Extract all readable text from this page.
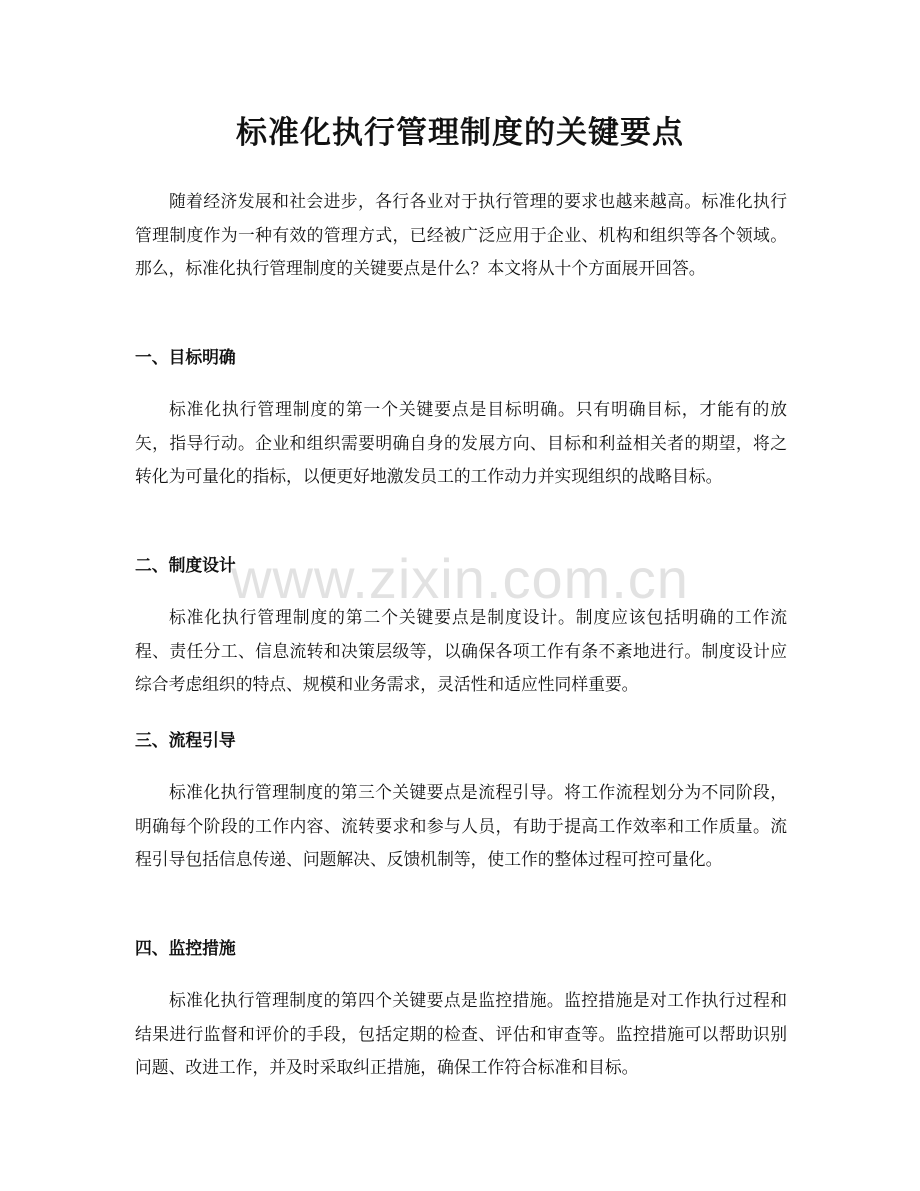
标准化执行管理制度的关键要点

随着经济发展和社会进步，各行各业对于执行管理的要求也越来越高。标准化执行管理制度作为一种有效的管理方式，已经被广泛应用于企业、机构和组织等各个领域。那么，标准化执行管理制度的关键要点是什么？本文将从十个方面展开回答。

一、目标明确

标准化执行管理制度的第一个关键要点是目标明确。只有明确目标，才能有的放矢，指导行动。企业和组织需要明确自身的发展方向、目标和利益相关者的期望，将之转化为可量化的指标，以便更好地激发员工的工作动力并实现组织的战略目标。

二、制度设计

标准化执行管理制度的第二个关键要点是制度设计。制度应该包括明确的工作流程、责任分工、信息流转和决策层级等，以确保各项工作有条不紊地进行。制度设计应综合考虑组织的特点、规模和业务需求，灵活性和适应性同样重要。

三、流程引导

标准化执行管理制度的第三个关键要点是流程引导。将工作流程划分为不同阶段，明确每个阶段的工作内容、流转要求和参与人员，有助于提高工作效率和工作质量。流程引导包括信息传递、问题解决、反馈机制等，使工作的整体过程可控可量化。

四、监控措施

标准化执行管理制度的第四个关键要点是监控措施。监控措施是对工作执行过程和结果进行监督和评价的手段，包括定期的检查、评估和审查等。监控措施可以帮助识别问题、改进工作，并及时采取纠正措施，确保工作符合标准和目标。

www.zixin.com.cn
